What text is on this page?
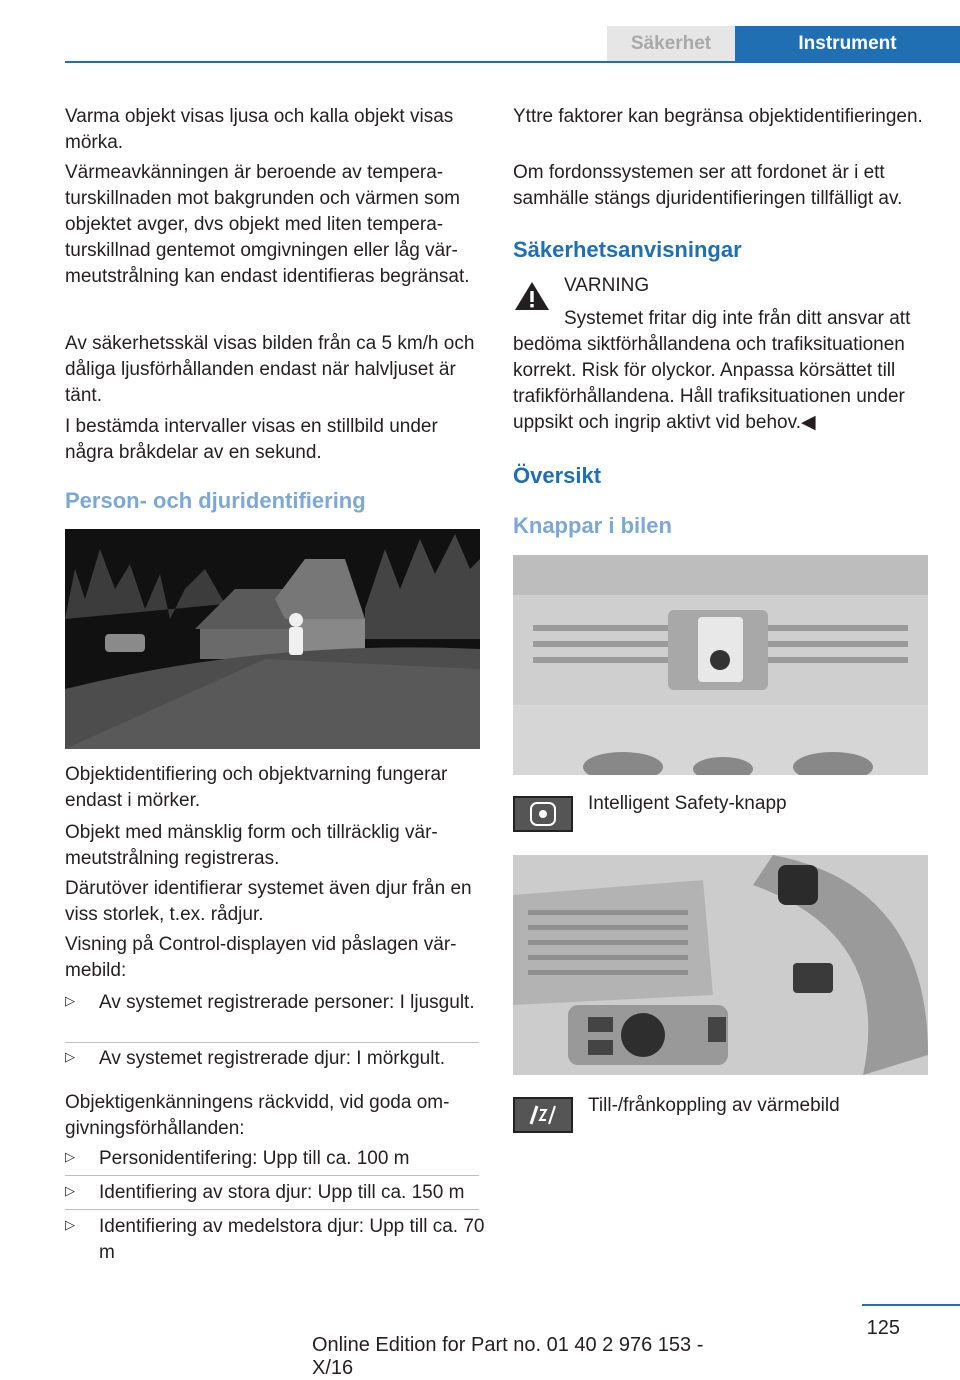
Säkerhet	Instrument

Varma objekt visas ljusa och kalla objekt visas mörka.

Värmeavkänningen är beroende av temperaturskillnaden mot bakgrunden och värmen som objektet avger, dvs objekt med liten temperaturskillnad gentemot omgivningen eller låg värmeutstrålning kan endast identifieras begränsat.

Av säkerhetsskäl visas bilden från ca 5 km/h och dåliga ljusförhållanden endast när halvljuset är tänt.

I bestämda intervaller visas en stillbild under några bråkdelar av en sekund.

Person- och djuridentifiering

Objektidentifiering och objektvarning fungerar endast i mörker.

Objekt med mänsklig form och tillräcklig värmeutstrålning registreras.

Därutöver identifierar systemet även djur från en viss storlek, t.ex. rådjur.

Visning på Control-displayen vid påslagen värmebild:

▷ Av systemet registrerade personer: I ljusgult.
▷ Av systemet registrerade djur: I mörkgult.

Objektigenkänningens räckvidd, vid goda omgivningsförhållanden:

▷ Personidentifering: Upp till ca. 100 m
▷ Identifiering av stora djur: Upp till ca. 150 m
▷ Identifiering av medelstora djur: Upp till ca. 70 m

Yttre faktorer kan begränsa objektidentifieringen.

Om fordonssystemen ser att fordonet är i ett samhälle stängs djuridentifieringen tillfälligt av.

Säkerhetsanvisningar

VARNING

Systemet fritar dig inte från ditt ansvar att bedöma siktförhållandena och trafiksituationen korrekt. Risk för olyckor. Anpassa körsättet till trafikförhållandena. Håll trafiksituationen under uppsikt och ingrip aktivt vid behov.◀

Översikt

Knappar i bilen

Intelligent Safety-knapp

Till-/frånkoppling av värmebild

125
Online Edition for Part no. 01 40 2 976 153 - X/16
